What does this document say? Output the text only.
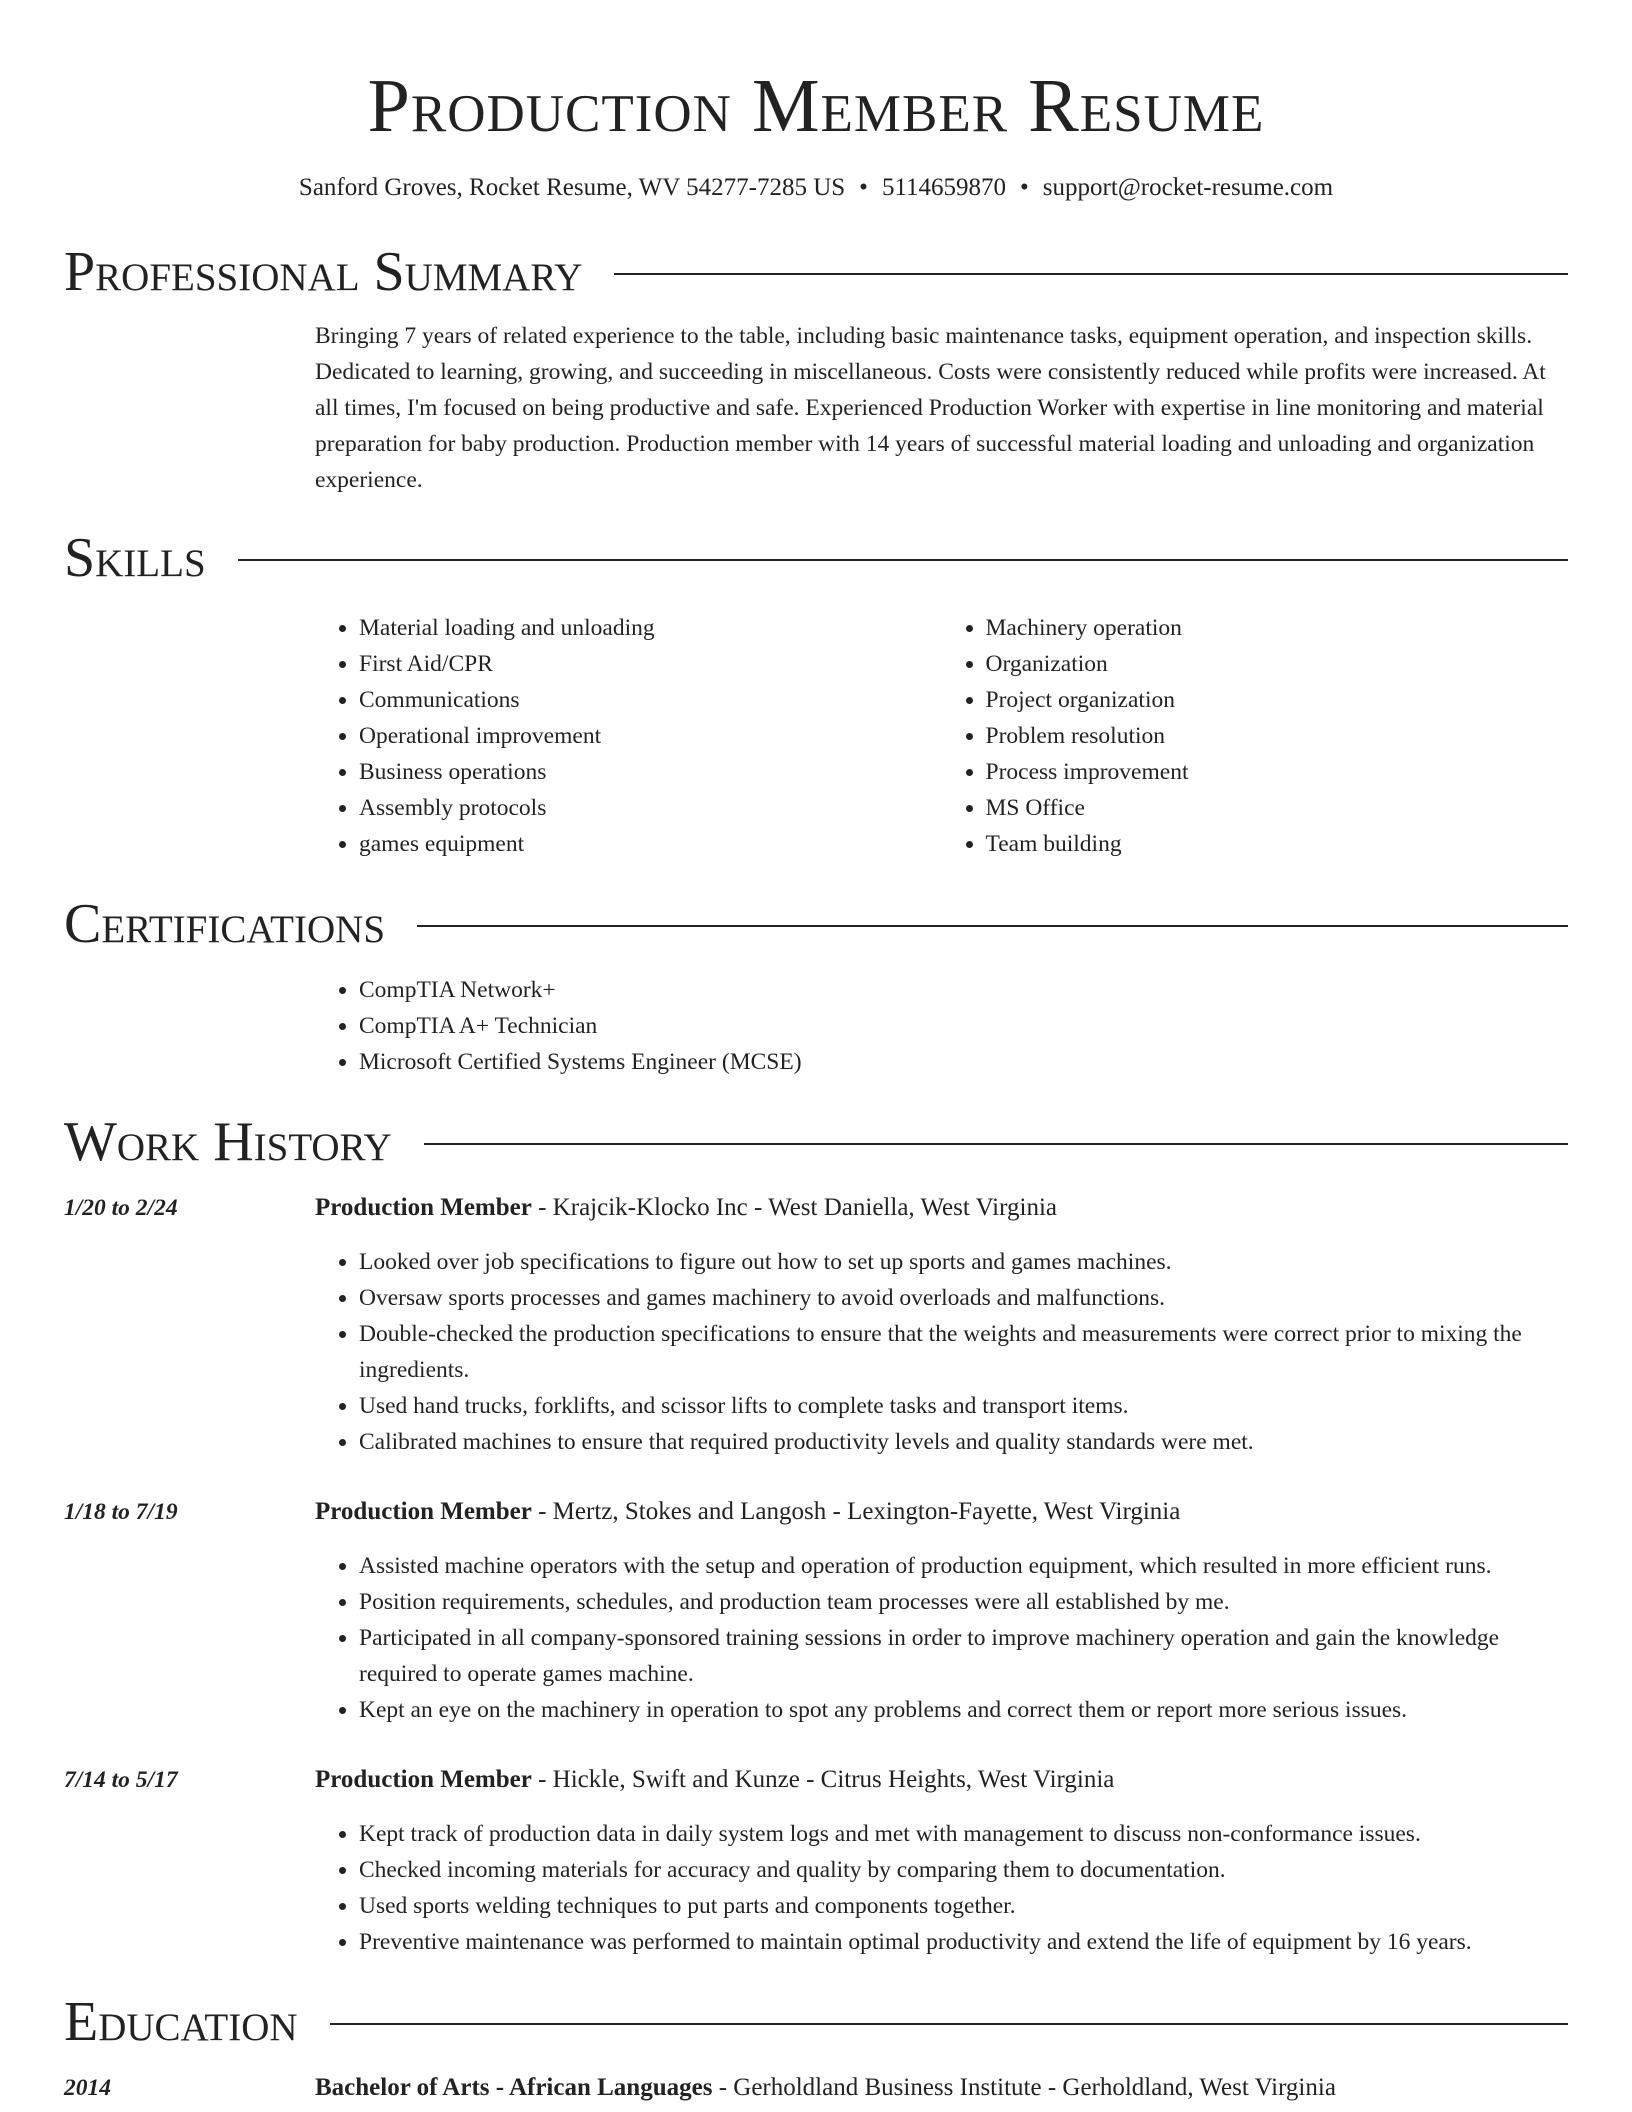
Production Member Resume
Sanford Groves, Rocket Resume, WV 54277-7285 US • 5114659870 • support@rocket-resume.com
Professional Summary
Bringing 7 years of related experience to the table, including basic maintenance tasks, equipment operation, and inspection skills. Dedicated to learning, growing, and succeeding in miscellaneous. Costs were consistently reduced while profits were increased. At all times, I'm focused on being productive and safe. Experienced Production Worker with expertise in line monitoring and material preparation for baby production. Production member with 14 years of successful material loading and unloading and organization experience.
Skills
• Material loading and unloading
• First Aid/CPR
• Communications
• Operational improvement
• Business operations
• Assembly protocols
• games equipment
• Machinery operation
• Organization
• Project organization
• Problem resolution
• Process improvement
• MS Office
• Team building
Certifications
• CompTIA Network+
• CompTIA A+ Technician
• Microsoft Certified Systems Engineer (MCSE)
Work History
1/20 to 2/24	Production Member - Krajcik-Klocko Inc - West Daniella, West Virginia
• Looked over job specifications to figure out how to set up sports and games machines.
• Oversaw sports processes and games machinery to avoid overloads and malfunctions.
• Double-checked the production specifications to ensure that the weights and measurements were correct prior to mixing the ingredients.
• Used hand trucks, forklifts, and scissor lifts to complete tasks and transport items.
• Calibrated machines to ensure that required productivity levels and quality standards were met.
1/18 to 7/19	Production Member - Mertz, Stokes and Langosh - Lexington-Fayette, West Virginia
• Assisted machine operators with the setup and operation of production equipment, which resulted in more efficient runs.
• Position requirements, schedules, and production team processes were all established by me.
• Participated in all company-sponsored training sessions in order to improve machinery operation and gain the knowledge required to operate games machine.
• Kept an eye on the machinery in operation to spot any problems and correct them or report more serious issues.
7/14 to 5/17	Production Member - Hickle, Swift and Kunze - Citrus Heights, West Virginia
• Kept track of production data in daily system logs and met with management to discuss non-conformance issues.
• Checked incoming materials for accuracy and quality by comparing them to documentation.
• Used sports welding techniques to put parts and components together.
• Preventive maintenance was performed to maintain optimal productivity and extend the life of equipment by 16 years.
Education
2014	Bachelor of Arts - African Languages - Gerholdland Business Institute - Gerholdland, West Virginia
